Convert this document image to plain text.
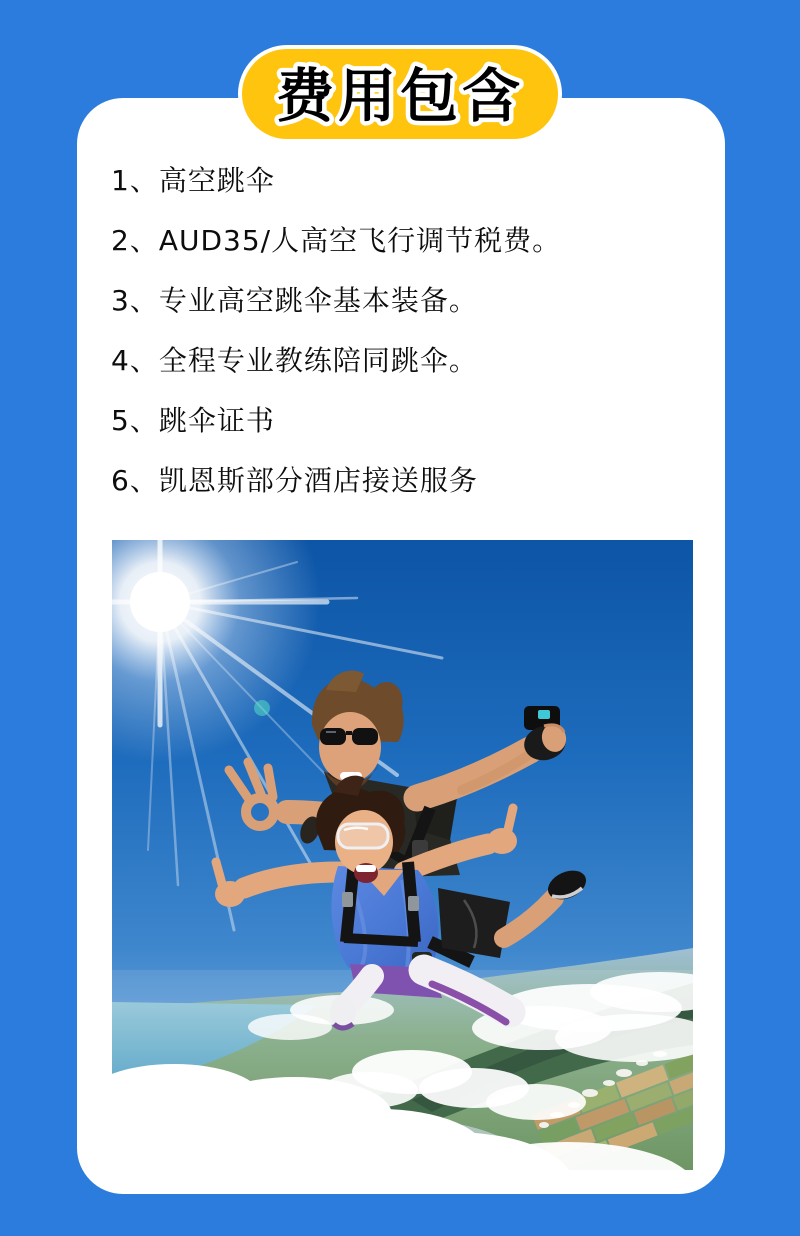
费用包含
1、高空跳伞
2、AUD35/人高空飞行调节税费。
3、专业高空跳伞基本装备。
4、全程专业教练陪同跳伞。
5、跳伞证书
6、凯恩斯部分酒店接送服务
